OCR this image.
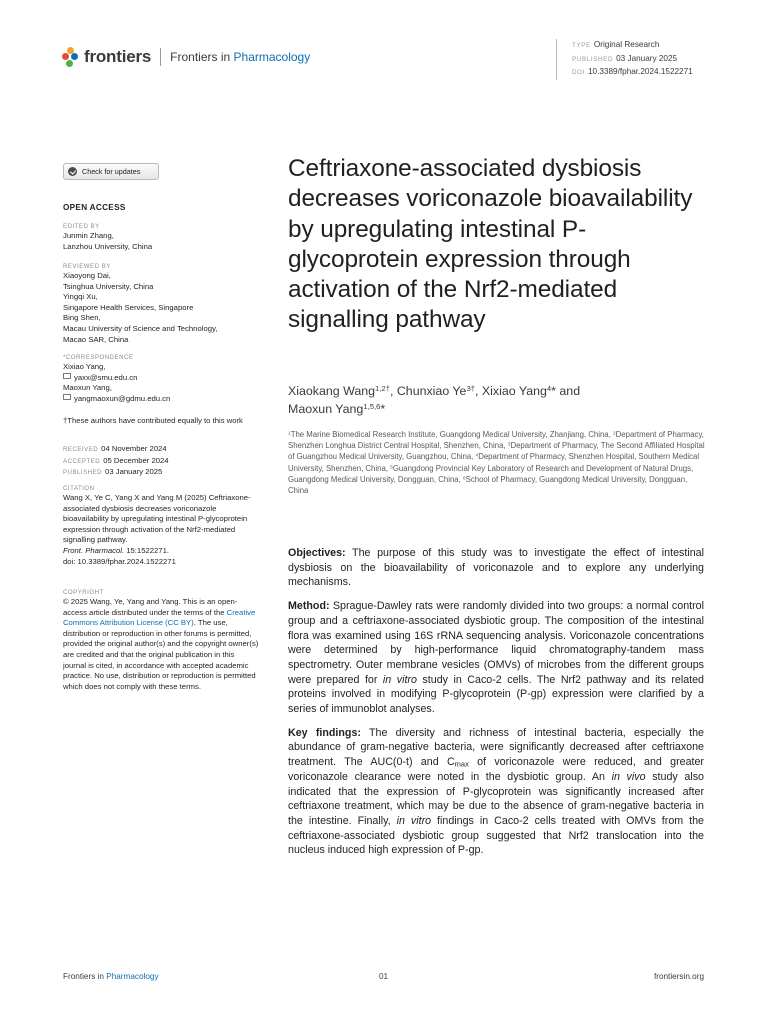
frontiers Frontiers in Pharmacology
TYPE Original Research
PUBLISHED 03 January 2025
DOI 10.3389/fphar.2024.1522271
Check for updates
OPEN ACCESS
EDITED BY
Junmin Zhang,
Lanzhou University, China
REVIEWED BY
Xiaoyong Dai,
Tsinghua University, China
Yingqi Xu,
Singapore Health Services, Singapore
Bing Shen,
Macau University of Science and Technology,
Macao SAR, China
*CORRESPONDENCE
Xixiao Yang,
yaxx@smu.edu.cn
Maoxun Yang,
yangmaoxun@gdmu.edu.cn
†These authors have contributed equally to this work
RECEIVED 04 November 2024
ACCEPTED 05 December 2024
PUBLISHED 03 January 2025
CITATION
Wang X, Ye C, Yang X and Yang M (2025) Ceftriaxone-associated dysbiosis decreases voriconazole bioavailability by upregulating intestinal P-glycoprotein expression through activation of the Nrf2-mediated signalling pathway.
Front. Pharmacol. 15:1522271.
doi: 10.3389/fphar.2024.1522271
COPYRIGHT
© 2025 Wang, Ye, Yang and Yang. This is an open-access article distributed under the terms of the Creative Commons Attribution License (CC BY). The use, distribution or reproduction in other forums is permitted, provided the original author(s) and the copyright owner(s) are credited and that the original publication in this journal is cited, in accordance with accepted academic practice. No use, distribution or reproduction is permitted which does not comply with these terms.
Ceftriaxone-associated dysbiosis decreases voriconazole bioavailability by upregulating intestinal P-glycoprotein expression through activation of the Nrf2-mediated signalling pathway
Xiaokang Wang$^{1,2\dagger}$, Chunxiao $Ye^{3\dagger}$, Xixiao Yang$^4$* and
Maoxun Yang$^{1,5,6}$*
$^1$The Marine Biomedical Research Institute, Guangdong Medical University, Zhanjiang, China, $^2$Department of Pharmacy, Shenzhen Longhua District Central Hospital, Shenzhen, China, $^3$Department of Pharmacy, The Second Affiliated Hospital of Guangzhou Medical University, Guangzhou, China, $^4$Department of Pharmacy, Shenzhen Hospital, Southern Medical University, Shenzhen, China, $^5$Guangdong Provincial Key Laboratory of Research and Development of Natural Drugs, Guangdong Medical University, Dongguan, China, $^6$School of Pharmacy, Guangdong Medical University, Dongguan, China

Objectives: The purpose of this study was to investigate the effect of intestinal dysbiosis on the bioavailability of voriconazole and to explore any underlying mechanisms.

Method: Sprague-Dawley rats were randomly divided into two groups: a normal control group and a ceftriaxone-associated dysbiotic group. The composition of the intestinal flora was examined using 16S rRNA sequencing analysis. Voriconazole concentrations were determined by high-performance liquid chromatography-tandem mass spectrometry. Outer membrane vesicles (OMVs) of microbes from the different groups were prepared for in vitro study in Caco-2 cells. The Nrf2 pathway and its related proteins involved in modifying P-glycoprotein (P-gp) expression were clarified by a series of immunoblot analyses.

Key findings: The diversity and richness of intestinal bacteria, especially the abundance of gram-negative bacteria, were significantly decreased after ceftriaxone treatment. The AUC(0-t) and $C_{max}$ of voriconazole were reduced, and greater voriconazole clearance were noted in the dysbiotic group. An in vivo study also indicated that the expression of P-glycoprotein was significantly increased after ceftriaxone treatment, which may be due to the absence of gram-negative bacteria in the intestine. Finally, in vitro findings in Caco-2 cells treated with OMVs from the ceftriaxone-associated dysbiotic group suggested that Nrf2 translocation into the nucleus induced high expression of P-gp.

Frontiers in Pharmacology	01	frontiersin.org
